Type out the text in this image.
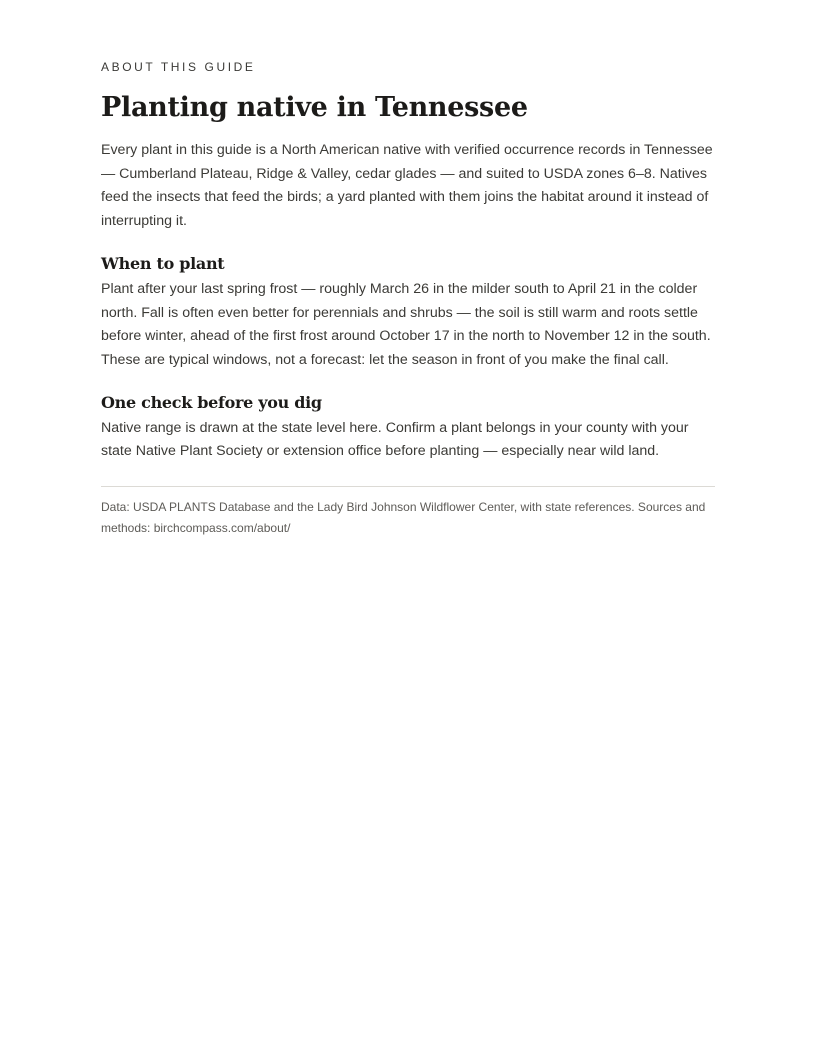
ABOUT THIS GUIDE

Planting native in Tennessee

Every plant in this guide is a North American native with verified occurrence records in Tennessee — Cumberland Plateau, Ridge & Valley, cedar glades — and suited to USDA zones 6–8. Natives feed the insects that feed the birds; a yard planted with them joins the habitat around it instead of interrupting it.

When to plant

Plant after your last spring frost — roughly March 26 in the milder south to April 21 in the colder north. Fall is often even better for perennials and shrubs — the soil is still warm and roots settle before winter, ahead of the first frost around October 17 in the north to November 12 in the south. These are typical windows, not a forecast: let the season in front of you make the final call.

One check before you dig

Native range is drawn at the state level here. Confirm a plant belongs in your county with your state Native Plant Society or extension office before planting — especially near wild land.

Data: USDA PLANTS Database and the Lady Bird Johnson Wildflower Center, with state references. Sources and methods: birchcompass.com/about/
